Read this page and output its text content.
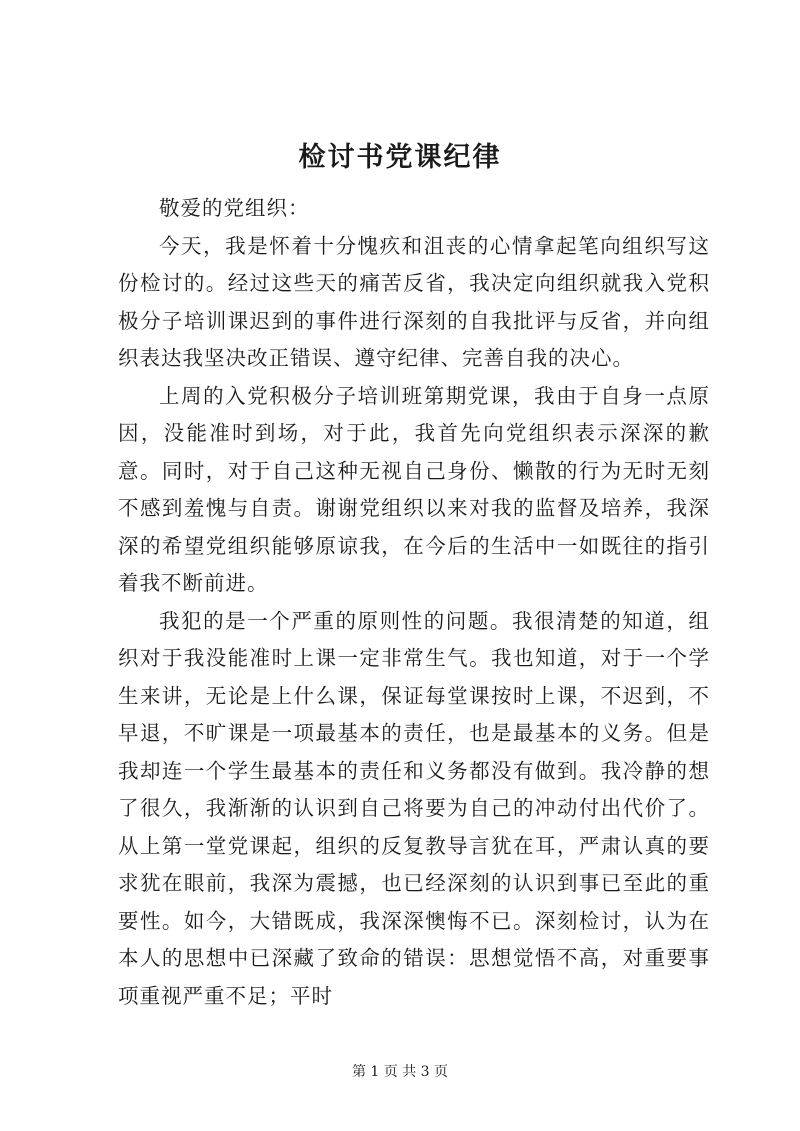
检讨书党课纪律

敬爱的党组织：

今天，我是怀着十分愧疚和沮丧的心情拿起笔向组织写这份检讨的。经过这些天的痛苦反省，我决定向组织就我入党积极分子培训课迟到的事件进行深刻的自我批评与反省，并向组织表达我坚决改正错误、遵守纪律、完善自我的决心。

上周的入党积极分子培训班第期党课，我由于自身一点原因，没能准时到场，对于此，我首先向党组织表示深深的歉意。同时，对于自己这种无视自己身份、懒散的行为无时无刻不感到羞愧与自责。谢谢党组织以来对我的监督及培养，我深深的希望党组织能够原谅我，在今后的生活中一如既往的指引着我不断前进。

我犯的是一个严重的原则性的问题。我很清楚的知道，组织对于我没能准时上课一定非常生气。我也知道，对于一个学生来讲，无论是上什么课，保证每堂课按时上课，不迟到，不早退，不旷课是一项最基本的责任，也是最基本的义务。但是我却连一个学生最基本的责任和义务都没有做到。我冷静的想了很久，我渐渐的认识到自己将要为自己的冲动付出代价了。从上第一堂党课起，组织的反复教导言犹在耳，严肃认真的要求犹在眼前，我深为震撼，也已经深刻的认识到事已至此的重要性。如今，大错既成，我深深懊悔不已。深刻检讨，认为在本人的思想中已深藏了致命的错误：思想觉悟不高，对重要事项重视严重不足；平时

第 1 页 共 3 页
